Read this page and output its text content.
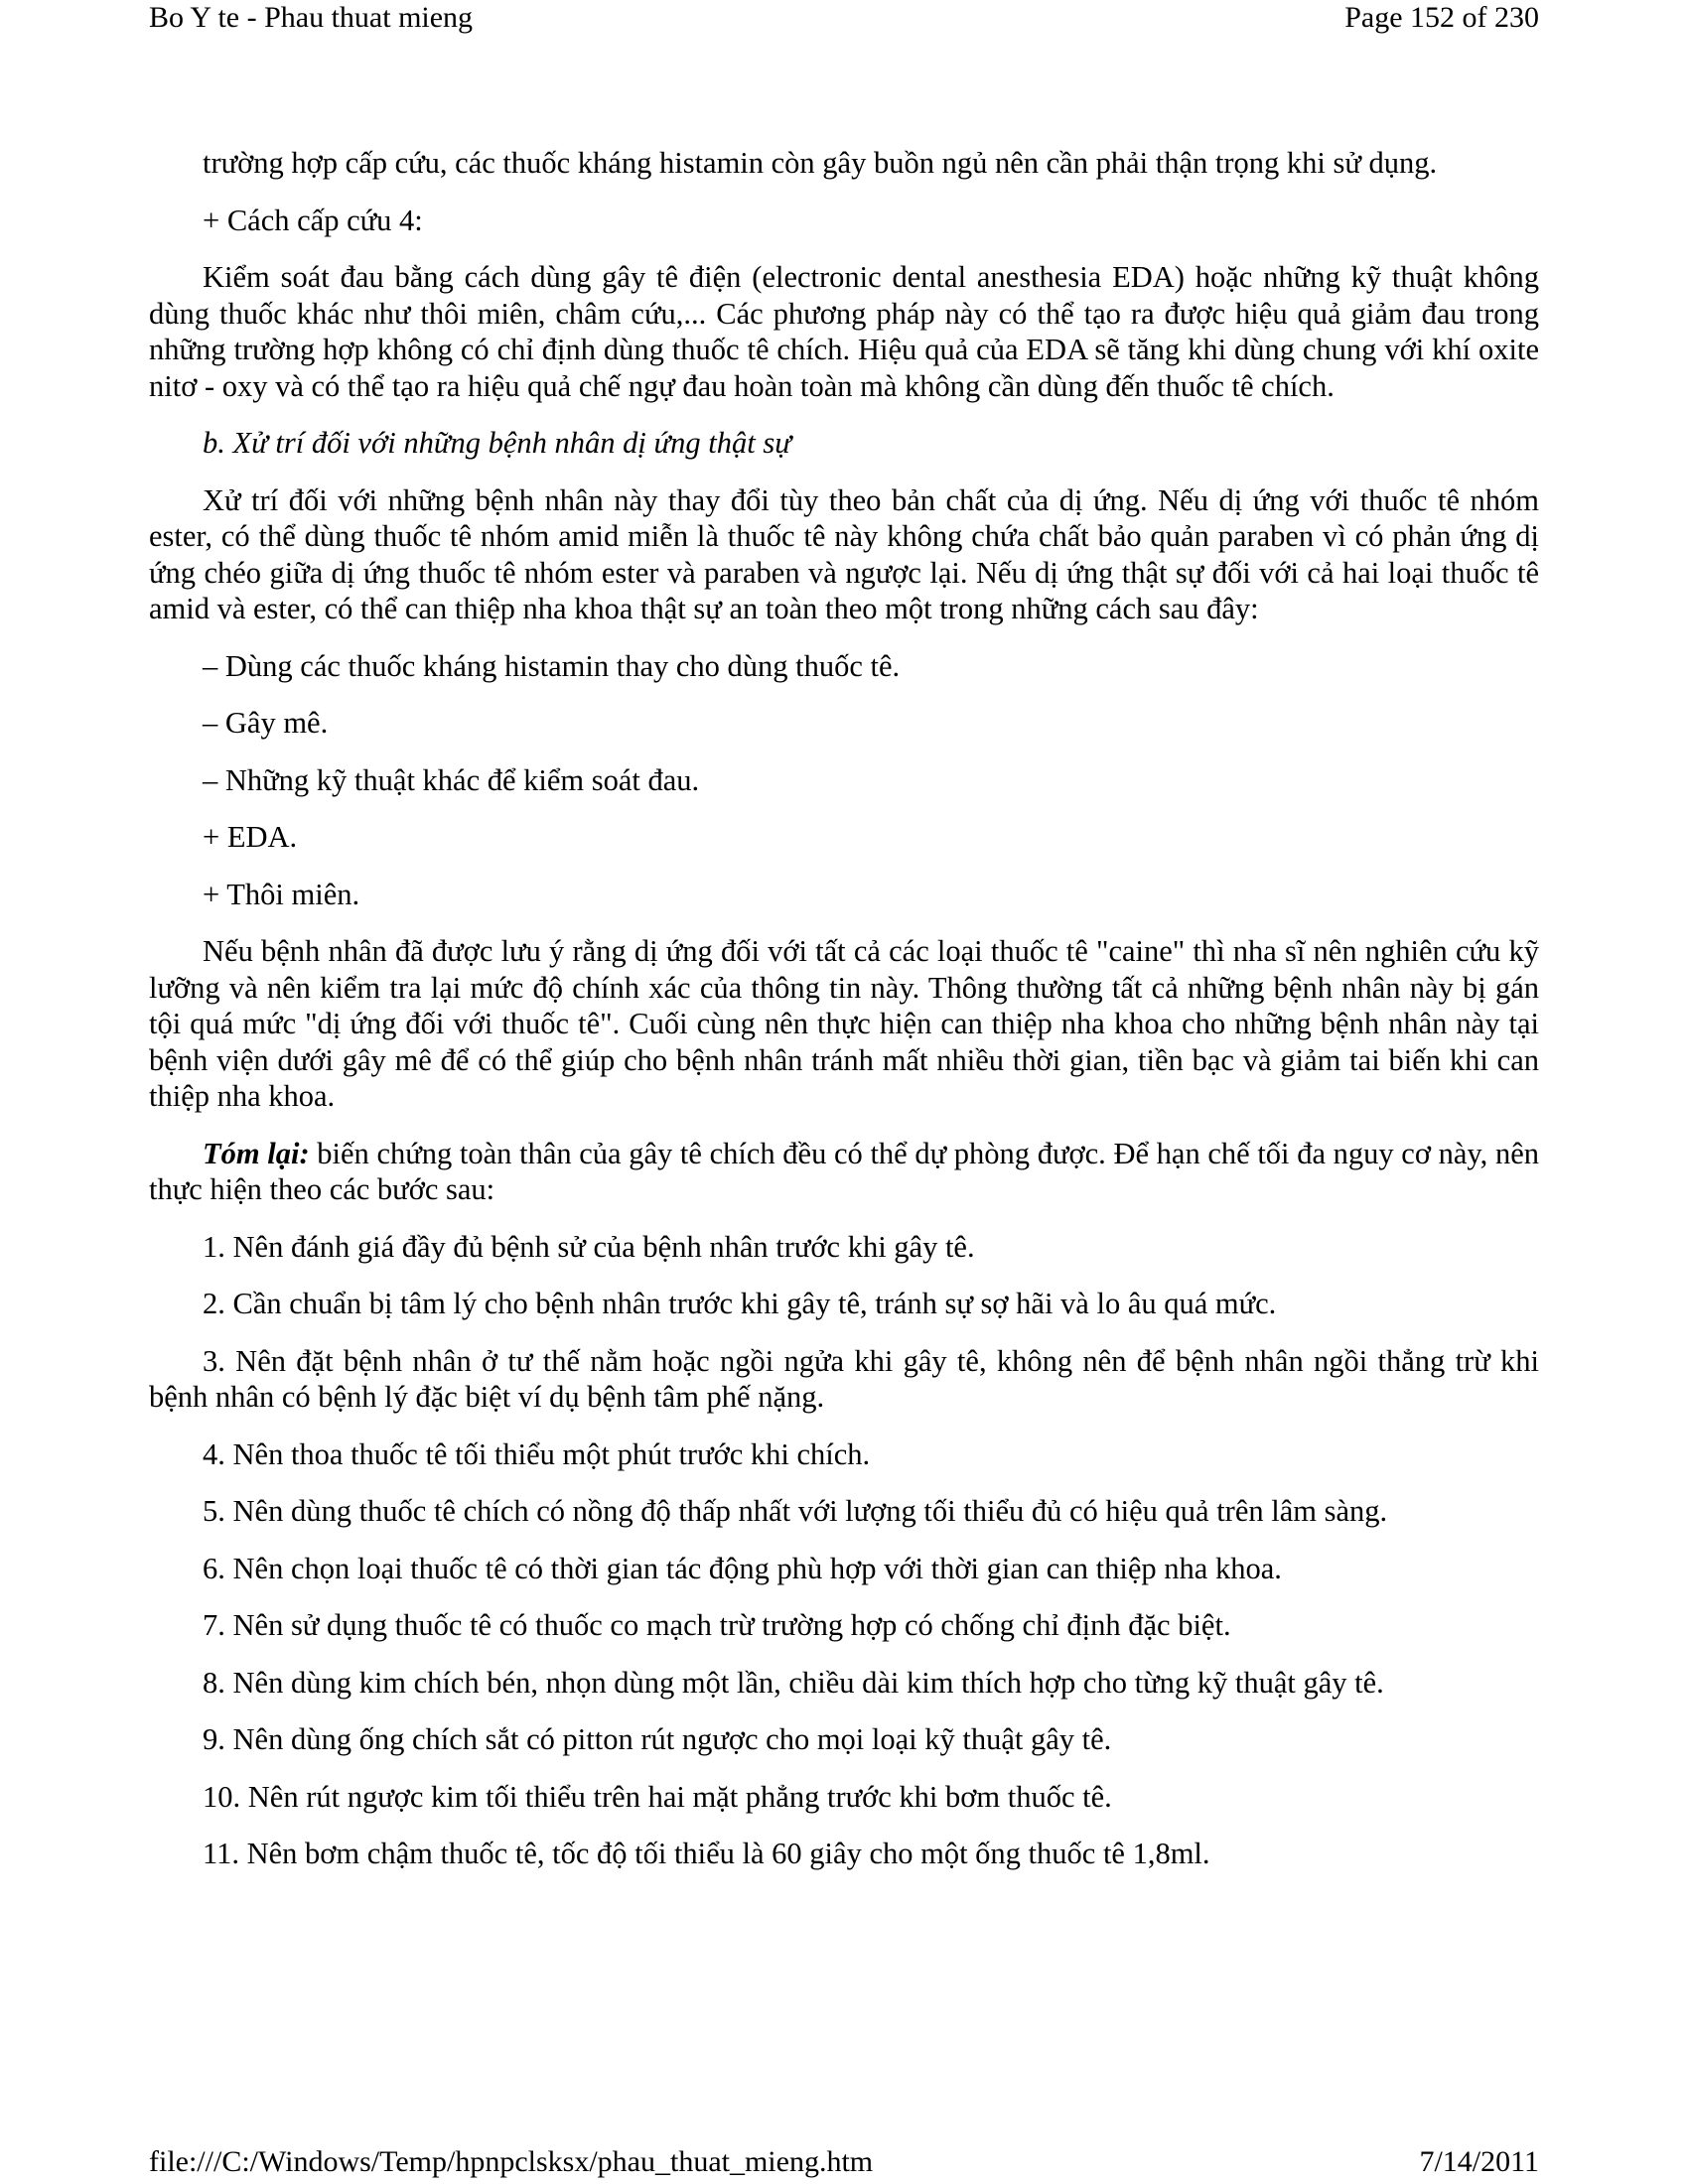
Bo Y te - Phau thuat mieng	Page 152 of 230

trường hợp cấp cứu, các thuốc kháng histamin còn gây buồn ngủ nên cần phải thận trọng khi sử dụng.

+ Cách cấp cứu 4:

Kiểm soát đau bằng cách dùng gây tê điện (electronic dental anesthesia EDA) hoặc những kỹ thuật không dùng thuốc khác như thôi miên, châm cứu,... Các phương pháp này có thể tạo ra được hiệu quả giảm đau trong những trường hợp không có chỉ định dùng thuốc tê chích. Hiệu quả của EDA sẽ tăng khi dùng chung với khí oxite nitơ - oxy và có thể tạo ra hiệu quả chế ngự đau hoàn toàn mà không cần dùng đến thuốc tê chích.

b. Xử trí đối với những bệnh nhân dị ứng thật sự

Xử trí đối với những bệnh nhân này thay đổi tùy theo bản chất của dị ứng. Nếu dị ứng với thuốc tê nhóm ester, có thể dùng thuốc tê nhóm amid miễn là thuốc tê này không chứa chất bảo quản paraben vì có phản ứng dị ứng chéo giữa dị ứng thuốc tê nhóm ester và paraben và ngược lại. Nếu dị ứng thật sự đối với cả hai loại thuốc tê amid và ester, có thể can thiệp nha khoa thật sự an toàn theo một trong những cách sau đây:

– Dùng các thuốc kháng histamin thay cho dùng thuốc tê.

– Gây mê.

– Những kỹ thuật khác để kiểm soát đau.

+ EDA.

+ Thôi miên.

Nếu bệnh nhân đã được lưu ý rằng dị ứng đối với tất cả các loại thuốc tê "caine" thì nha sĩ nên nghiên cứu kỹ lưỡng và nên kiểm tra lại mức độ chính xác của thông tin này. Thông thường tất cả những bệnh nhân này bị gán tội quá mức "dị ứng đối với thuốc tê". Cuối cùng nên thực hiện can thiệp nha khoa cho những bệnh nhân này tại bệnh viện dưới gây mê để có thể giúp cho bệnh nhân tránh mất nhiều thời gian, tiền bạc và giảm tai biến khi can thiệp nha khoa.

Tóm lại: biến chứng toàn thân của gây tê chích đều có thể dự phòng được. Để hạn chế tối đa nguy cơ này, nên thực hiện theo các bước sau:

1. Nên đánh giá đầy đủ bệnh sử của bệnh nhân trước khi gây tê.

2. Cần chuẩn bị tâm lý cho bệnh nhân trước khi gây tê, tránh sự sợ hãi và lo âu quá mức.

3. Nên đặt bệnh nhân ở tư thế nằm hoặc ngồi ngửa khi gây tê, không nên để bệnh nhân ngồi thẳng trừ khi bệnh nhân có bệnh lý đặc biệt ví dụ bệnh tâm phế nặng.

4. Nên thoa thuốc tê tối thiểu một phút trước khi chích.

5. Nên dùng thuốc tê chích có nồng độ thấp nhất với lượng tối thiểu đủ có hiệu quả trên lâm sàng.

6. Nên chọn loại thuốc tê có thời gian tác động phù hợp với thời gian can thiệp nha khoa.

7. Nên sử dụng thuốc tê có thuốc co mạch trừ trường hợp có chống chỉ định đặc biệt.

8. Nên dùng kim chích bén, nhọn dùng một lần, chiều dài kim thích hợp cho từng kỹ thuật gây tê.

9. Nên dùng ống chích sắt có pitton rút ngược cho mọi loại kỹ thuật gây tê.

10. Nên rút ngược kim tối thiểu trên hai mặt phẳng trước khi bơm thuốc tê.

11. Nên bơm chậm thuốc tê, tốc độ tối thiểu là 60 giây cho một ống thuốc tê 1,8ml.

file:///C:/Windows/Temp/hpnpclsksx/phau_thuat_mieng.htm	7/14/2011
